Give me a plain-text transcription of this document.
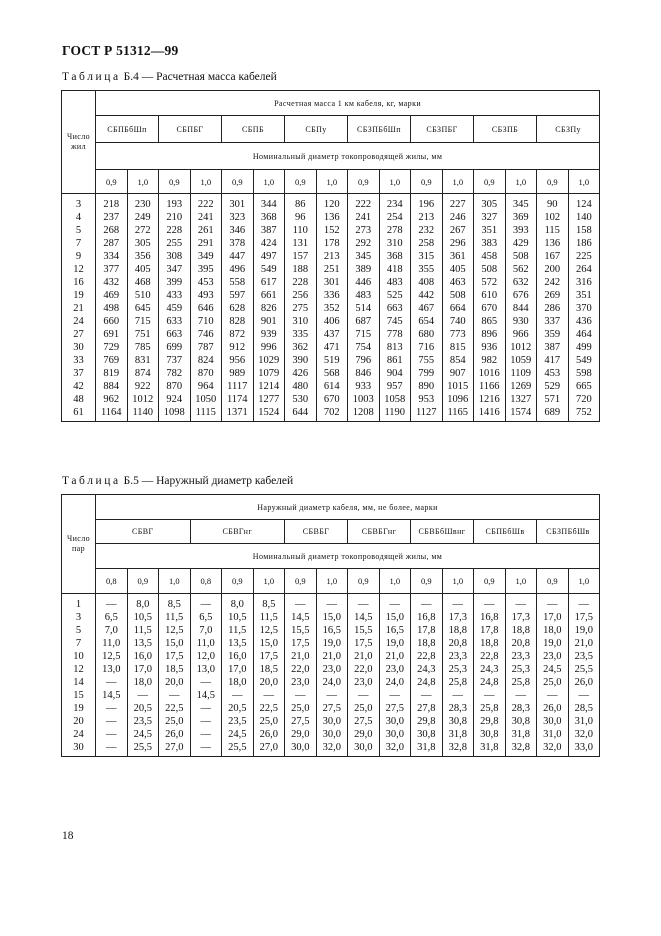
ГОСТ Р 51312—99
Таблица Б.4 — Расчетная масса кабелей
Число жил	Расчетная масса 1 км кабеля, кг, марки															
	СБПБбШп		СБПБГ		СБПБ		СБПу		СБЗПБбШп		СБЗПБГ		СБЗПБ		СБЗПу	
	Номинальный диаметр токопроводящей жилы, мм															
	0,9	1,0	0,9	1,0	0,9	1,0	0,9	1,0	0,9	1,0	0,9	1,0	0,9	1,0	0,9	1,0
3	218	230	193	222	301	344	86	120	222	234	196	227	305	345	90	124
4	237	249	210	241	323	368	96	136	241	254	213	246	327	369	102	140
5	268	272	228	261	346	387	110	152	273	278	232	267	351	393	115	158
7	287	305	255	291	378	424	131	178	292	310	258	296	383	429	136	186
9	334	356	308	349	447	497	157	213	345	368	315	361	458	508	167	225
12	377	405	347	395	496	549	188	251	389	418	355	405	508	562	200	264
16	432	468	399	453	558	617	228	301	446	483	408	463	572	632	242	316
19	469	510	433	493	597	661	256	336	483	525	442	508	610	676	269	351
21	498	645	459	646	628	826	275	352	514	663	467	664	670	844	286	370
24	660	715	633	710	828	901	310	406	687	745	654	740	865	930	337	436
27	691	751	663	746	872	939	335	437	715	778	680	773	896	966	359	464
30	729	785	699	787	912	996	362	471	754	813	716	815	936	1012	387	499
33	769	831	737	824	956	1029	390	519	796	861	755	854	982	1059	417	549
37	819	874	782	870	989	1079	426	568	846	904	799	907	1016	1109	453	598
42	884	922	870	964	1117	1214	480	614	933	957	890	1015	1166	1269	529	665
48	962	1012	924	1050	1174	1277	530	670	1003	1058	953	1096	1216	1327	571	720
61	1164	1140	1098	1115	1371	1524	644	702	1208	1190	1127	1165	1416	1574	689	752
Таблица Б.5 — Наружный диаметр кабелей
Число пар	Наружный диаметр кабеля, мм, не более, марки															
	СБВГ			СБВГнг			СБВБГ		СБВБГнг		СБВБбШвнг		СБПБбШв		СБЗПБбШв	
	Номинальный диаметр токопроводящей жилы, мм															
	0,8	0,9	1,0	0,8	0,9	1,0	0,9	1,0	0,9	1,0	0,9	1,0	0,9	1,0	0,9	1,0
1	—	8,0	8,5	—	8,0	8,5	—	—	—	—	—	—	—	—	—	—
3	6,5	10,5	11,5	6,5	10,5	11,5	14,5	15,0	14,5	15,0	16,8	17,3	16,8	17,3	17,0	17,5
5	7,0	11,5	12,5	7,0	11,5	12,5	15,5	16,5	15,5	16,5	17,8	18,8	17,8	18,8	18,0	19,0
7	11,0	13,5	15,0	11,0	13,5	15,0	17,5	19,0	17,5	19,0	18,8	20,8	18,8	20,8	19,0	21,0
10	12,5	16,0	17,5	12,0	16,0	17,5	21,0	21,0	21,0	21,0	22,8	23,3	22,8	23,3	23,0	23,5
12	13,0	17,0	18,5	13,0	17,0	18,5	22,0	23,0	22,0	23,0	24,3	25,3	24,3	25,3	24,5	25,5
14	—	18,0	20,0	—	18,0	20,0	23,0	24,0	23,0	24,0	24,8	25,8	24,8	25,8	25,0	26,0
15	14,5	—	—	14,5	—	—	—	—	—	—	—	—	—	—	—	—
19	—	20,5	22,5	—	20,5	22,5	25,0	27,5	25,0	27,5	27,8	28,3	25,8	28,3	26,0	28,5
20	—	23,5	25,0	—	23,5	25,0	27,5	30,0	27,5	30,0	29,8	30,8	29,8	30,8	30,0	31,0
24	—	24,5	26,0	—	24,5	26,0	29,0	30,0	29,0	30,0	30,8	31,8	30,8	31,8	31,0	32,0
30	—	25,5	27,0	—	25,5	27,0	30,0	32,0	30,0	32,0	31,8	32,8	31,8	32,8	32,0	33,0
18
